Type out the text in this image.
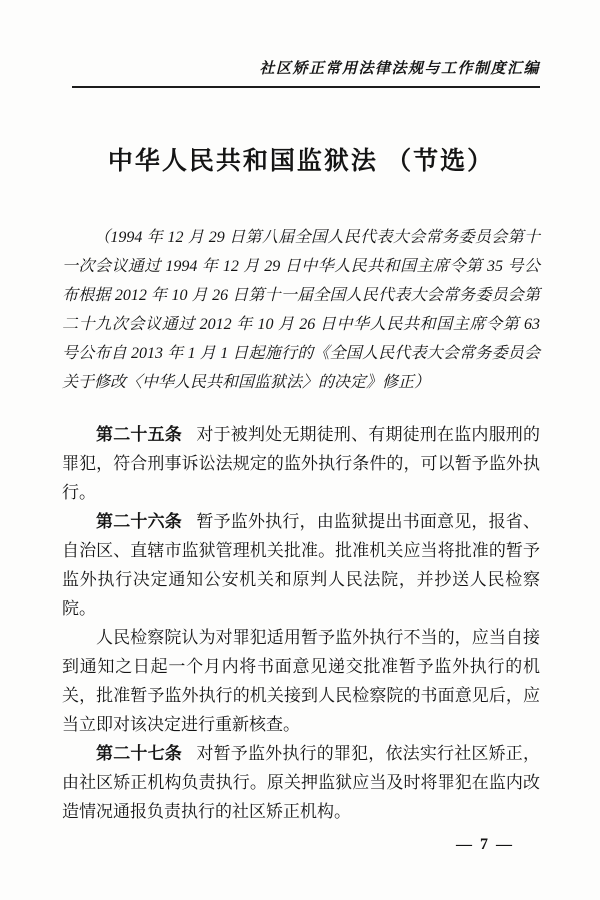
社区矫正常用法律法规与工作制度汇编
中华人民共和国监狱法 （节选）

（1994 年 12 月 29 日第八届全国人民代表大会常务委员会第十一次会议通过 1994 年 12 月 29 日中华人民共和国主席令第 35 号公布根据 2012 年 10 月 26 日第十一届全国人民代表大会常务委员会第二十九次会议通过 2012 年 10 月 26 日中华人民共和国主席令第 63 号公布自 2013 年 1 月 1 日起施行的《全国人民代表大会常务委员会关于修改〈中华人民共和国监狱法〉的决定》修正）

第二十五条 对于被判处无期徒刑、有期徒刑在监内服刑的罪犯，符合刑事诉讼法规定的监外执行条件的，可以暂予监外执行。

第二十六条 暂予监外执行，由监狱提出书面意见，报省、自治区、直辖市监狱管理机关批准。批准机关应当将批准的暂予监外执行决定通知公安机关和原判人民法院，并抄送人民检察院。

人民检察院认为对罪犯适用暂予监外执行不当的，应当自接到通知之日起一个月内将书面意见递交批准暂予监外执行的机关，批准暂予监外执行的机关接到人民检察院的书面意见后，应当立即对该决定进行重新核查。

第二十七条 对暂予监外执行的罪犯，依法实行社区矫正，由社区矫正机构负责执行。原关押监狱应当及时将罪犯在监内改造情况通报负责执行的社区矫正机构。

— 7 —
